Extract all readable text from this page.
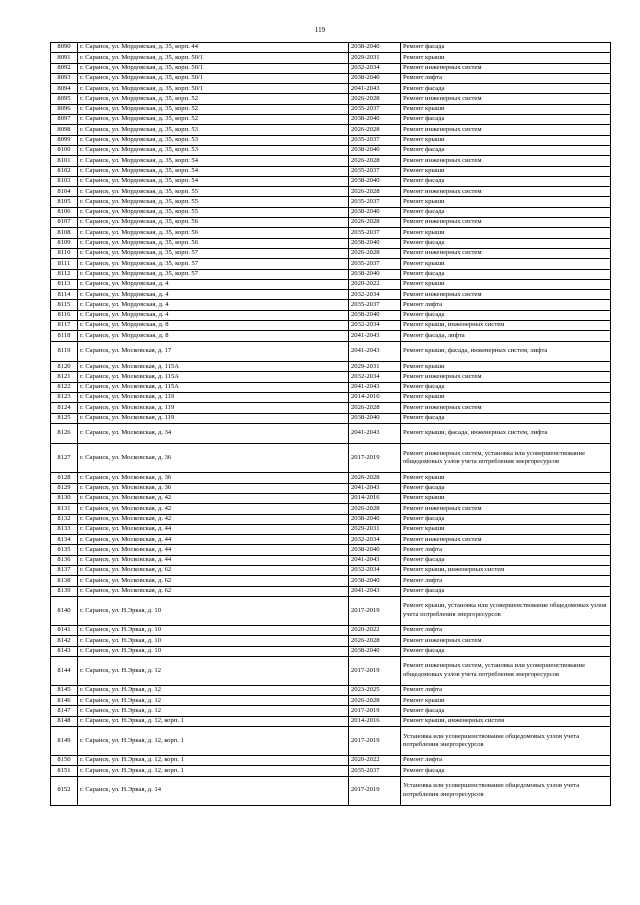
119
8090	г. Саранск, ул. Мордовская, д. 35, корп. 44	2038-2040	Ремонт фасада
8091	г. Саранск, ул. Мордовская, д. 35, корп. 50/1	2029-2031	Ремонт крыши
8092	г. Саранск, ул. Мордовская, д. 35, корп. 50/1	2032-2034	Ремонт инженерных систем
8093	г. Саранск, ул. Мордовская, д. 35, корп. 50/1	2038-2040	Ремонт лифта
8094	г. Саранск, ул. Мордовская, д. 35, корп. 50/1	2041-2043	Ремонт фасада
8095	г. Саранск, ул. Мордовская, д. 35, корп. 52	2026-2028	Ремонт инженерных систем
8096	г. Саранск, ул. Мордовская, д. 35, корп. 52	2035-2037	Ремонт крыши
8097	г. Саранск, ул. Мордовская, д. 35, корп. 52	2038-2040	Ремонт фасада
8098	г. Саранск, ул. Мордовская, д. 35, корп. 53	2026-2028	Ремонт инженерных систем
8099	г. Саранск, ул. Мордовская, д. 35, корп. 53	2035-2037	Ремонт крыши
8100	г. Саранск, ул. Мордовская, д. 35, корп. 53	2038-2040	Ремонт фасада
8101	г. Саранск, ул. Мордовская, д. 35, корп. 54	2026-2028	Ремонт инженерных систем
8102	г. Саранск, ул. Мордовская, д. 35, корп. 54	2035-2037	Ремонт крыши
8103	г. Саранск, ул. Мордовская, д. 35, корп. 54	2038-2040	Ремонт фасада
8104	г. Саранск, ул. Мордовская, д. 35, корп. 55	2026-2028	Ремонт инженерных систем
8105	г. Саранск, ул. Мордовская, д. 35, корп. 55	2035-2037	Ремонт крыши
8106	г. Саранск, ул. Мордовская, д. 35, корп. 55	2038-2040	Ремонт фасада
8107	г. Саранск, ул. Мордовская, д. 35, корп. 56	2026-2028	Ремонт инженерных систем
8108	г. Саранск, ул. Мордовская, д. 35, корп. 56	2035-2037	Ремонт крыши
8109	г. Саранск, ул. Мордовская, д. 35, корп. 56	2038-2040	Ремонт фасада
8110	г. Саранск, ул. Мордовская, д. 35, корп. 57	2026-2028	Ремонт инженерных систем
8111	г. Саранск, ул. Мордовская, д. 35, корп. 57	2035-2037	Ремонт крыши
8112	г. Саранск, ул. Мордовская, д. 35, корп. 57	2038-2040	Ремонт фасада
8113	г. Саранск, ул. Мордовская, д. 4	2020-2022	Ремонт крыши
8114	г. Саранск, ул. Мордовская, д. 4	2032-2034	Ремонт инженерных систем
8115	г. Саранск, ул. Мордовская, д. 4	2035-2037	Ремонт лифта
8116	г. Саранск, ул. Мордовская, д. 4	2038-2040	Ремонт фасада
8117	г. Саранск, ул. Мордовская, д. 8	2032-2034	Ремонт крыши, инженерных систем
8118	г. Саранск, ул. Мордовская, д. 8	2041-2043	Ремонт фасада, лифта
8119	г. Саранск, ул. Московская, д. 17	2041-2043	Ремонт крыши, фасада, инженерных систем, лифта
8120	г. Саранск, ул. Московская, д. 115А	2029-2031	Ремонт крыши
8121	г. Саранск, ул. Московская, д. 115А	2032-2034	Ремонт инженерных систем
8122	г. Саранск, ул. Московская, д. 115А	2041-2043	Ремонт фасада
8123	г. Саранск, ул. Московская, д. 119	2014-2016	Ремонт крыши
8124	г. Саранск, ул. Московская, д. 119	2026-2028	Ремонт инженерных систем
8125	г. Саранск, ул. Московская, д. 119	2038-2040	Ремонт фасада
8126	г. Саранск, ул. Московская, д. 34	2041-2043	Ремонт крыши, фасада, инженерных систем, лифта
8127	г. Саранск, ул. Московская, д. 36	2017-2019	Ремонт инженерных систем, установка или усовершенствование общедомовых узлов учета потребления энергоресурсов
8128	г. Саранск, ул. Московская, д. 36	2026-2028	Ремонт крыши
8129	г. Саранск, ул. Московская, д. 36	2041-2043	Ремонт фасада
8130	г. Саранск, ул. Московская, д. 42	2014-2016	Ремонт крыши
8131	г. Саранск, ул. Московская, д. 42	2026-2028	Ремонт инженерных систем
8132	г. Саранск, ул. Московская, д. 42	2038-2040	Ремонт фасада
8133	г. Саранск, ул. Московская, д. 44	2029-2031	Ремонт крыши
8134	г. Саранск, ул. Московская, д. 44	2032-2034	Ремонт инженерных систем
8135	г. Саранск, ул. Московская, д. 44	2038-2040	Ремонт лифта
8136	г. Саранск, ул. Московская, д. 44	2041-2043	Ремонт фасада
8137	г. Саранск, ул. Московская, д. 62	2032-2034	Ремонт крыши, инженерных систем
8138	г. Саранск, ул. Московская, д. 62	2038-2040	Ремонт лифта
8139	г. Саранск, ул. Московская, д. 62	2041-2043	Ремонт фасада
8140	г. Саранск, ул. Н.Эркая, д. 10	2017-2019	Ремонт крыши, установка или усовершенствование общедомовых узлов учета потребления энергоресурсов
8141	г. Саранск, ул. Н.Эркая, д. 10	2020-2022	Ремонт лифта
8142	г. Саранск, ул. Н.Эркая, д. 10	2026-2028	Ремонт инженерных систем
8143	г. Саранск, ул. Н.Эркая, д. 10	2038-2040	Ремонт фасада
8144	г. Саранск, ул. Н.Эркая, д. 12	2017-2019	Ремонт инженерных систем, установка или усовершенствование общедомовых узлов учета потребления энергоресурсов
8145	г. Саранск, ул. Н.Эркая, д. 12	2023-2025	Ремонт лифта
8146	г. Саранск, ул. Н.Эркая, д. 12	2026-2028	Ремонт крыши
8147	г. Саранск, ул. Н.Эркая, д. 12	2017-2019	Ремонт фасада
8148	г. Саранск, ул. Н.Эркая, д. 12, корп. 1	2014-2016	Ремонт крыши, инженерных систем
8149	г. Саранск, ул. Н.Эркая, д. 12, корп. 1	2017-2019	Установка или усовершенствование общедомовых узлов учета потребления энергоресурсов
8150	г. Саранск, ул. Н.Эркая, д. 12, корп. 1	2020-2022	Ремонт лифта
8151	г. Саранск, ул. Н.Эркая, д. 12, корп. 1	2035-2037	Ремонт фасада
8152	г. Саранск, ул. Н.Эркая, д. 14	2017-2019	Установка или усовершенствование общедомовых узлов учета потребления энергоресурсов
